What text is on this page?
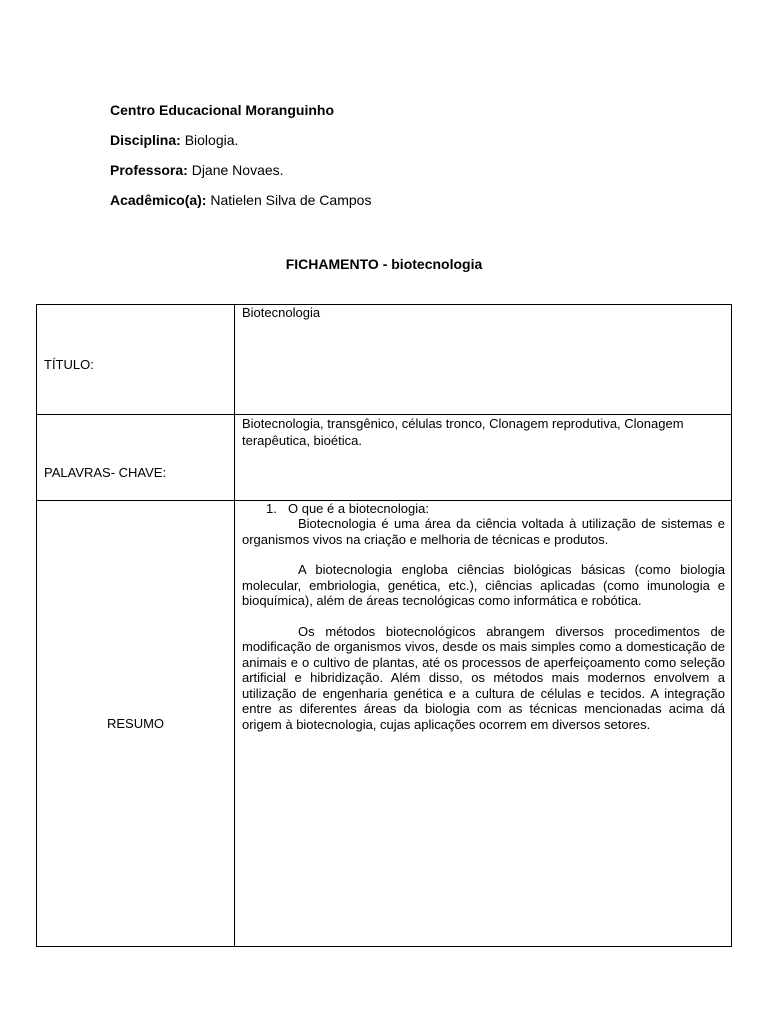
Centro Educacional Moranguinho
Disciplina: Biologia.
Professora: Djane Novaes.
Acadêmico(a): Natielen Silva de Campos
FICHAMENTO - biotecnologia
TÍTULO:	Biotecnologia

PALAVRAS- CHAVE:	Biotecnologia, transgênico, células tronco, Clonagem reprodutiva, Clonagem terapêutica, bioética.
RESUMO	1. O que é a biotecnologia:

Biotecnologia é uma área da ciência voltada à utilização de sistemas e organismos vivos na criação e melhoria de técnicas e produtos.

A biotecnologia engloba ciências biológicas básicas (como biologia molecular, embriologia, genética, etc.), ciências aplicadas (como imunologia e bioquímica), além de áreas tecnológicas como informática e robótica.

Os métodos biotecnológicos abrangem diversos procedimentos de modificação de organismos vivos, desde os mais simples como a domesticação de animais e o cultivo de plantas, até os processos de aperfeiçoamento como seleção artificial e hibridização. Além disso, os métodos mais modernos envolvem a utilização de engenharia genética e a cultura de células e tecidos. A integração entre as diferentes áreas da biologia com as técnicas mencionadas acima dá origem à biotecnologia, cujas aplicações ocorrem em diversos setores.
